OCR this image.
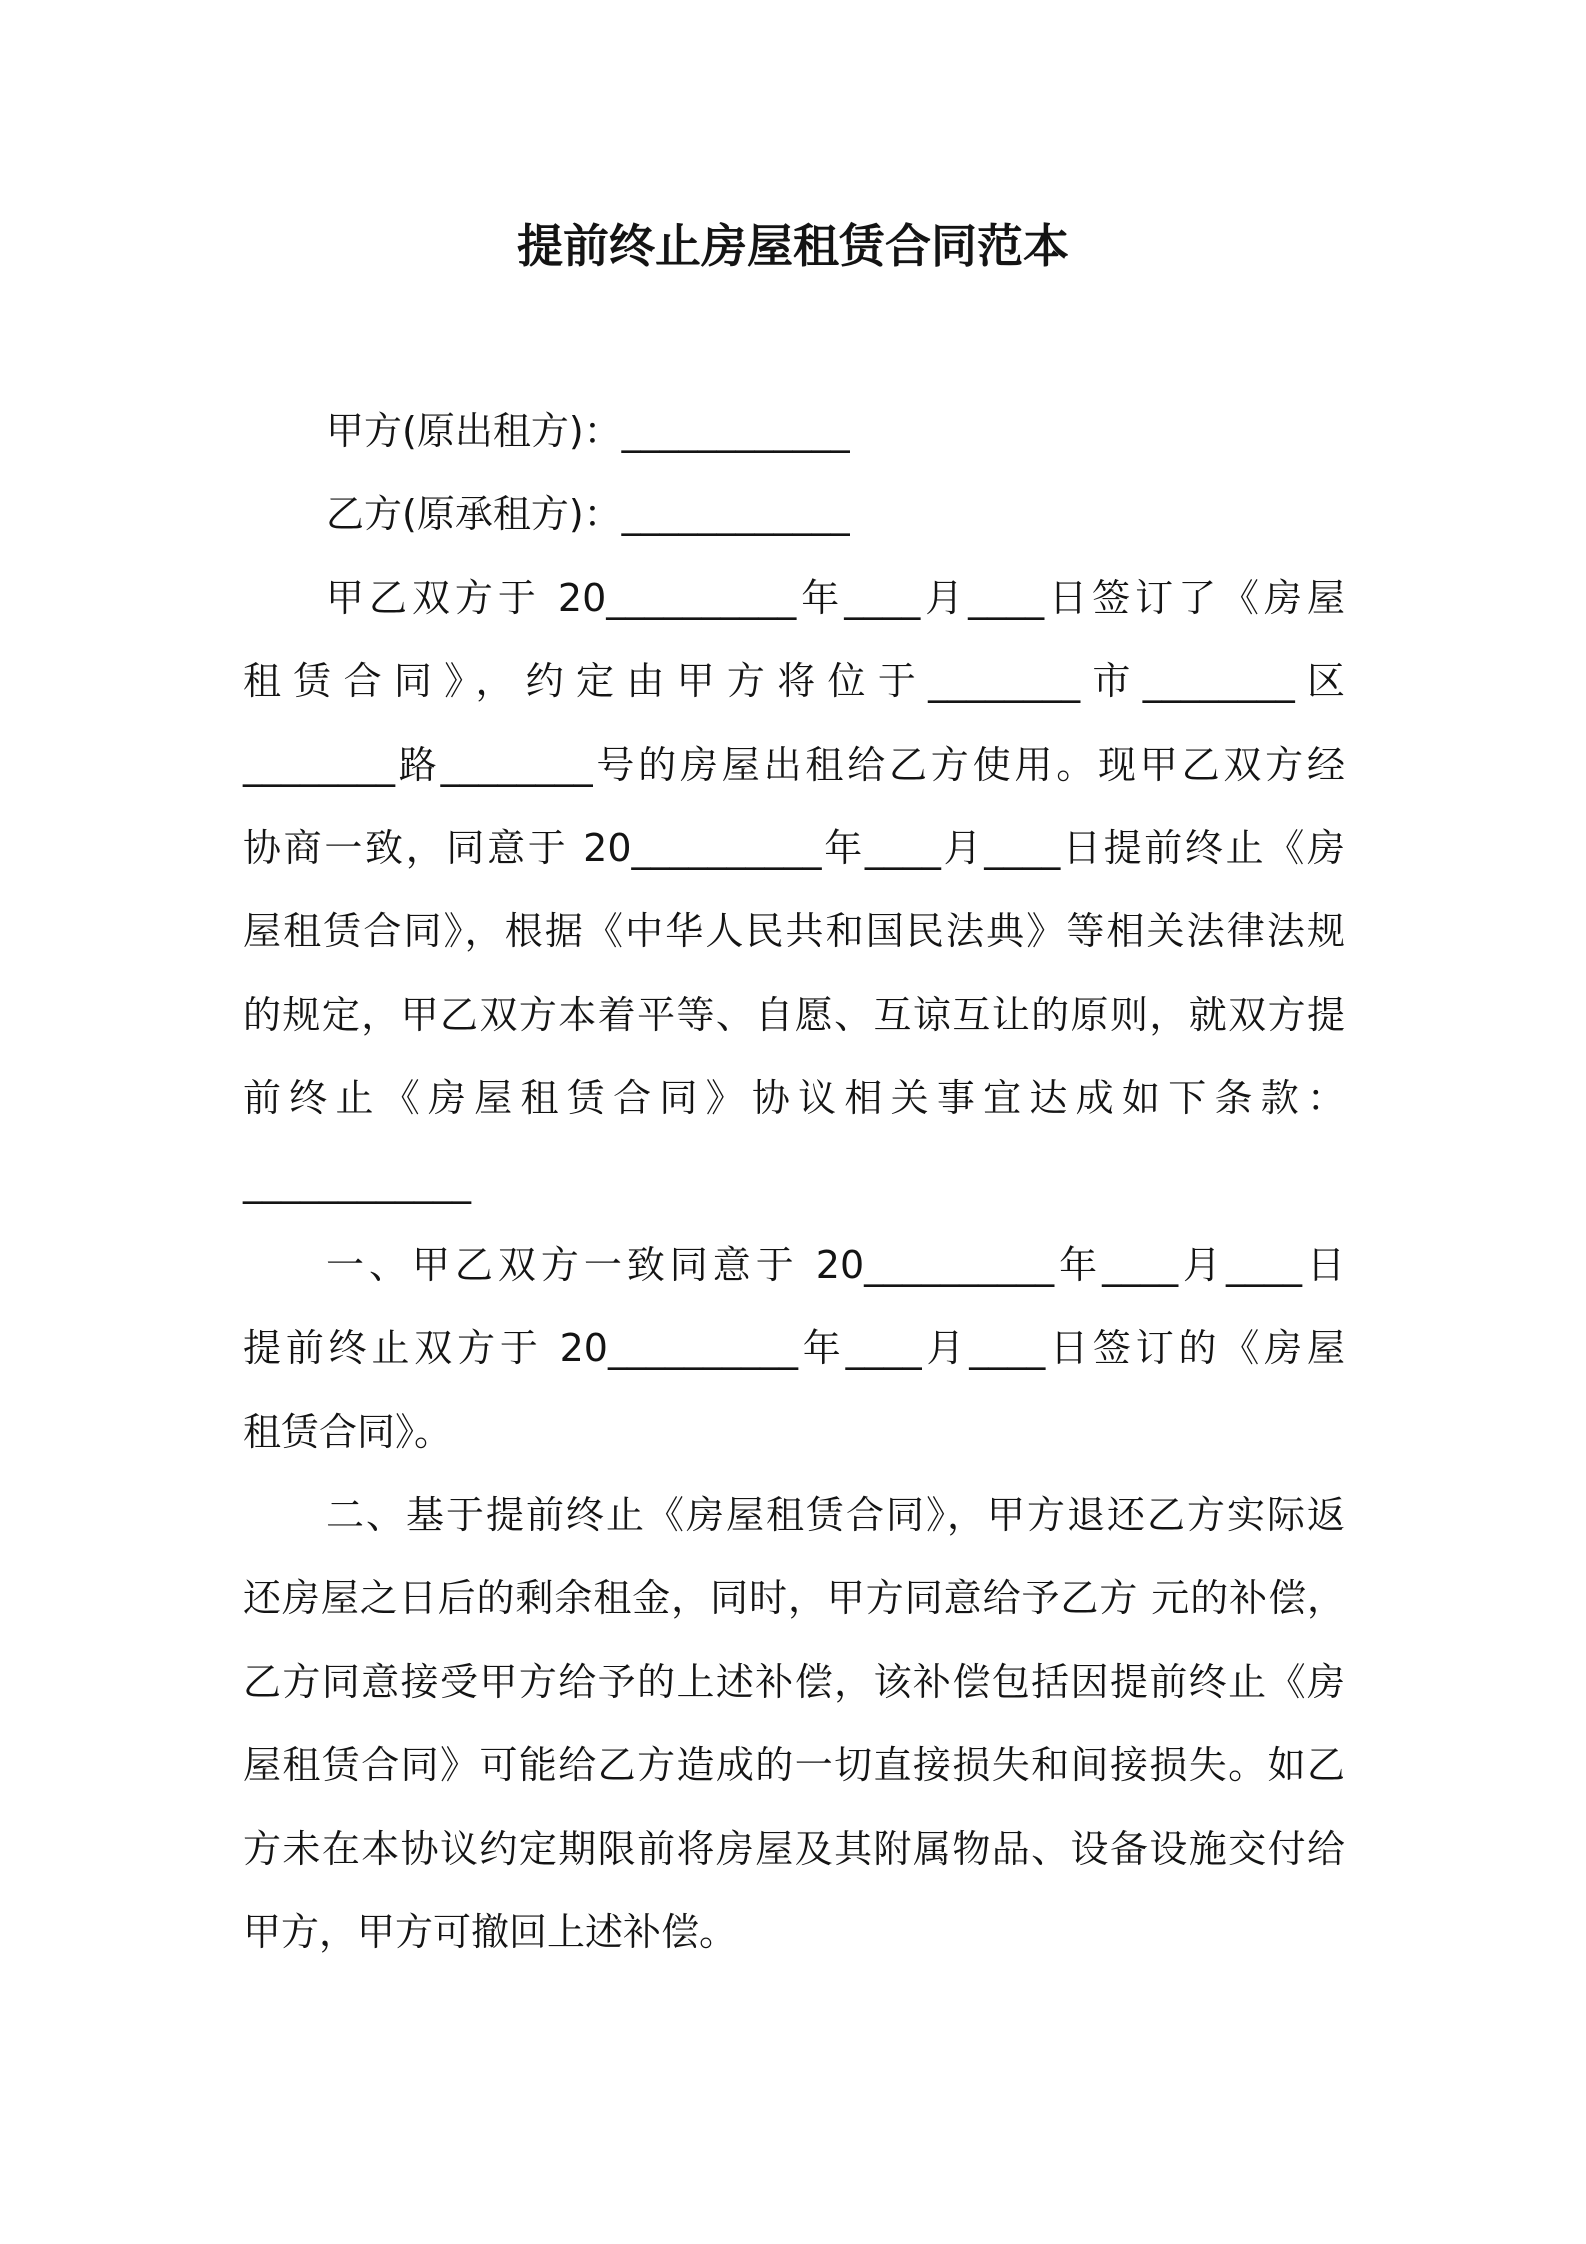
提前终止房屋租赁合同范本
甲方(原出租方)：____________
乙方(原承租方)：____________
甲乙双方于 20__________年____月____日签订了《房屋
租赁合同》，约定由甲方将位于________市________区
________路________号的房屋出租给乙方使用。现甲乙双方经
协商一致，同意于 20__________年____月____日提前终止《房
屋租赁合同》，根据《中华人民共和国民法典》等相关法律法规
的规定，甲乙双方本着平等、自愿、互谅互让的原则，就双方提
前终止《房屋租赁合同》协议相关事宜达成如下条款：
____________
一、甲乙双方一致同意于 20__________年____月____日
提前终止双方于 20__________年____月____日签订的《房屋
租赁合同》。
二、基于提前终止《房屋租赁合同》，甲方退还乙方实际返
还房屋之日后的剩余租金，同时，甲方同意给予乙方 元的补偿，
乙方同意接受甲方给予的上述补偿，该补偿包括因提前终止《房
屋租赁合同》可能给乙方造成的一切直接损失和间接损失。如乙
方未在本协议约定期限前将房屋及其附属物品、设备设施交付给
甲方，甲方可撤回上述补偿。
